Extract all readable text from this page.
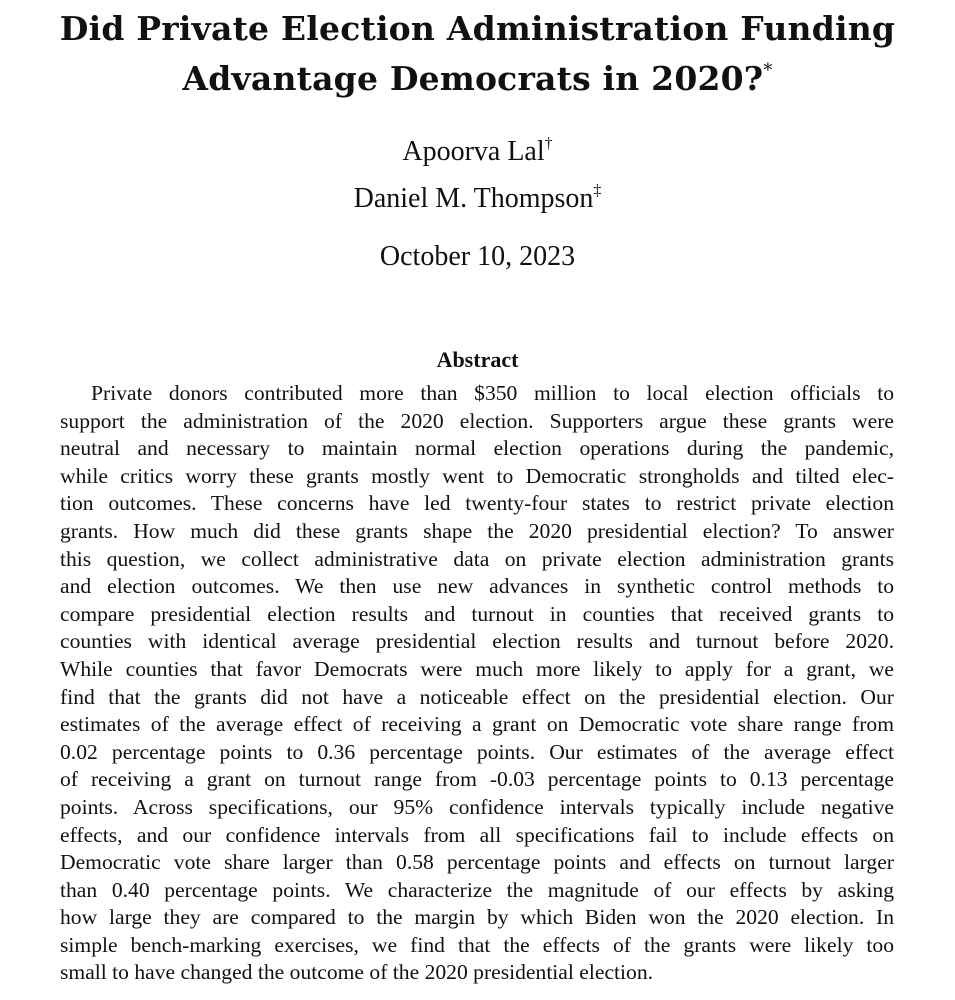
Did Private Election Administration Funding
Advantage Democrats in 2020?*
Apoorva Lal†
Daniel M. Thompson‡
October 10, 2023
Abstract
Private donors contributed more than $350 million to local election officials to
support the administration of the 2020 election. Supporters argue these grants were
neutral and necessary to maintain normal election operations during the pandemic,
while critics worry these grants mostly went to Democratic strongholds and tilted elec-
tion outcomes. These concerns have led twenty-four states to restrict private election
grants. How much did these grants shape the 2020 presidential election? To answer
this question, we collect administrative data on private election administration grants
and election outcomes. We then use new advances in synthetic control methods to
compare presidential election results and turnout in counties that received grants to
counties with identical average presidential election results and turnout before 2020.
While counties that favor Democrats were much more likely to apply for a grant, we
find that the grants did not have a noticeable effect on the presidential election. Our
estimates of the average effect of receiving a grant on Democratic vote share range from
0.02 percentage points to 0.36 percentage points. Our estimates of the average effect
of receiving a grant on turnout range from -0.03 percentage points to 0.13 percentage
points. Across specifications, our 95% confidence intervals typically include negative
effects, and our confidence intervals from all specifications fail to include effects on
Democratic vote share larger than 0.58 percentage points and effects on turnout larger
than 0.40 percentage points. We characterize the magnitude of our effects by asking
how large they are compared to the margin by which Biden won the 2020 election. In
simple bench-marking exercises, we find that the effects of the grants were likely too
small to have changed the outcome of the 2020 presidential election.
